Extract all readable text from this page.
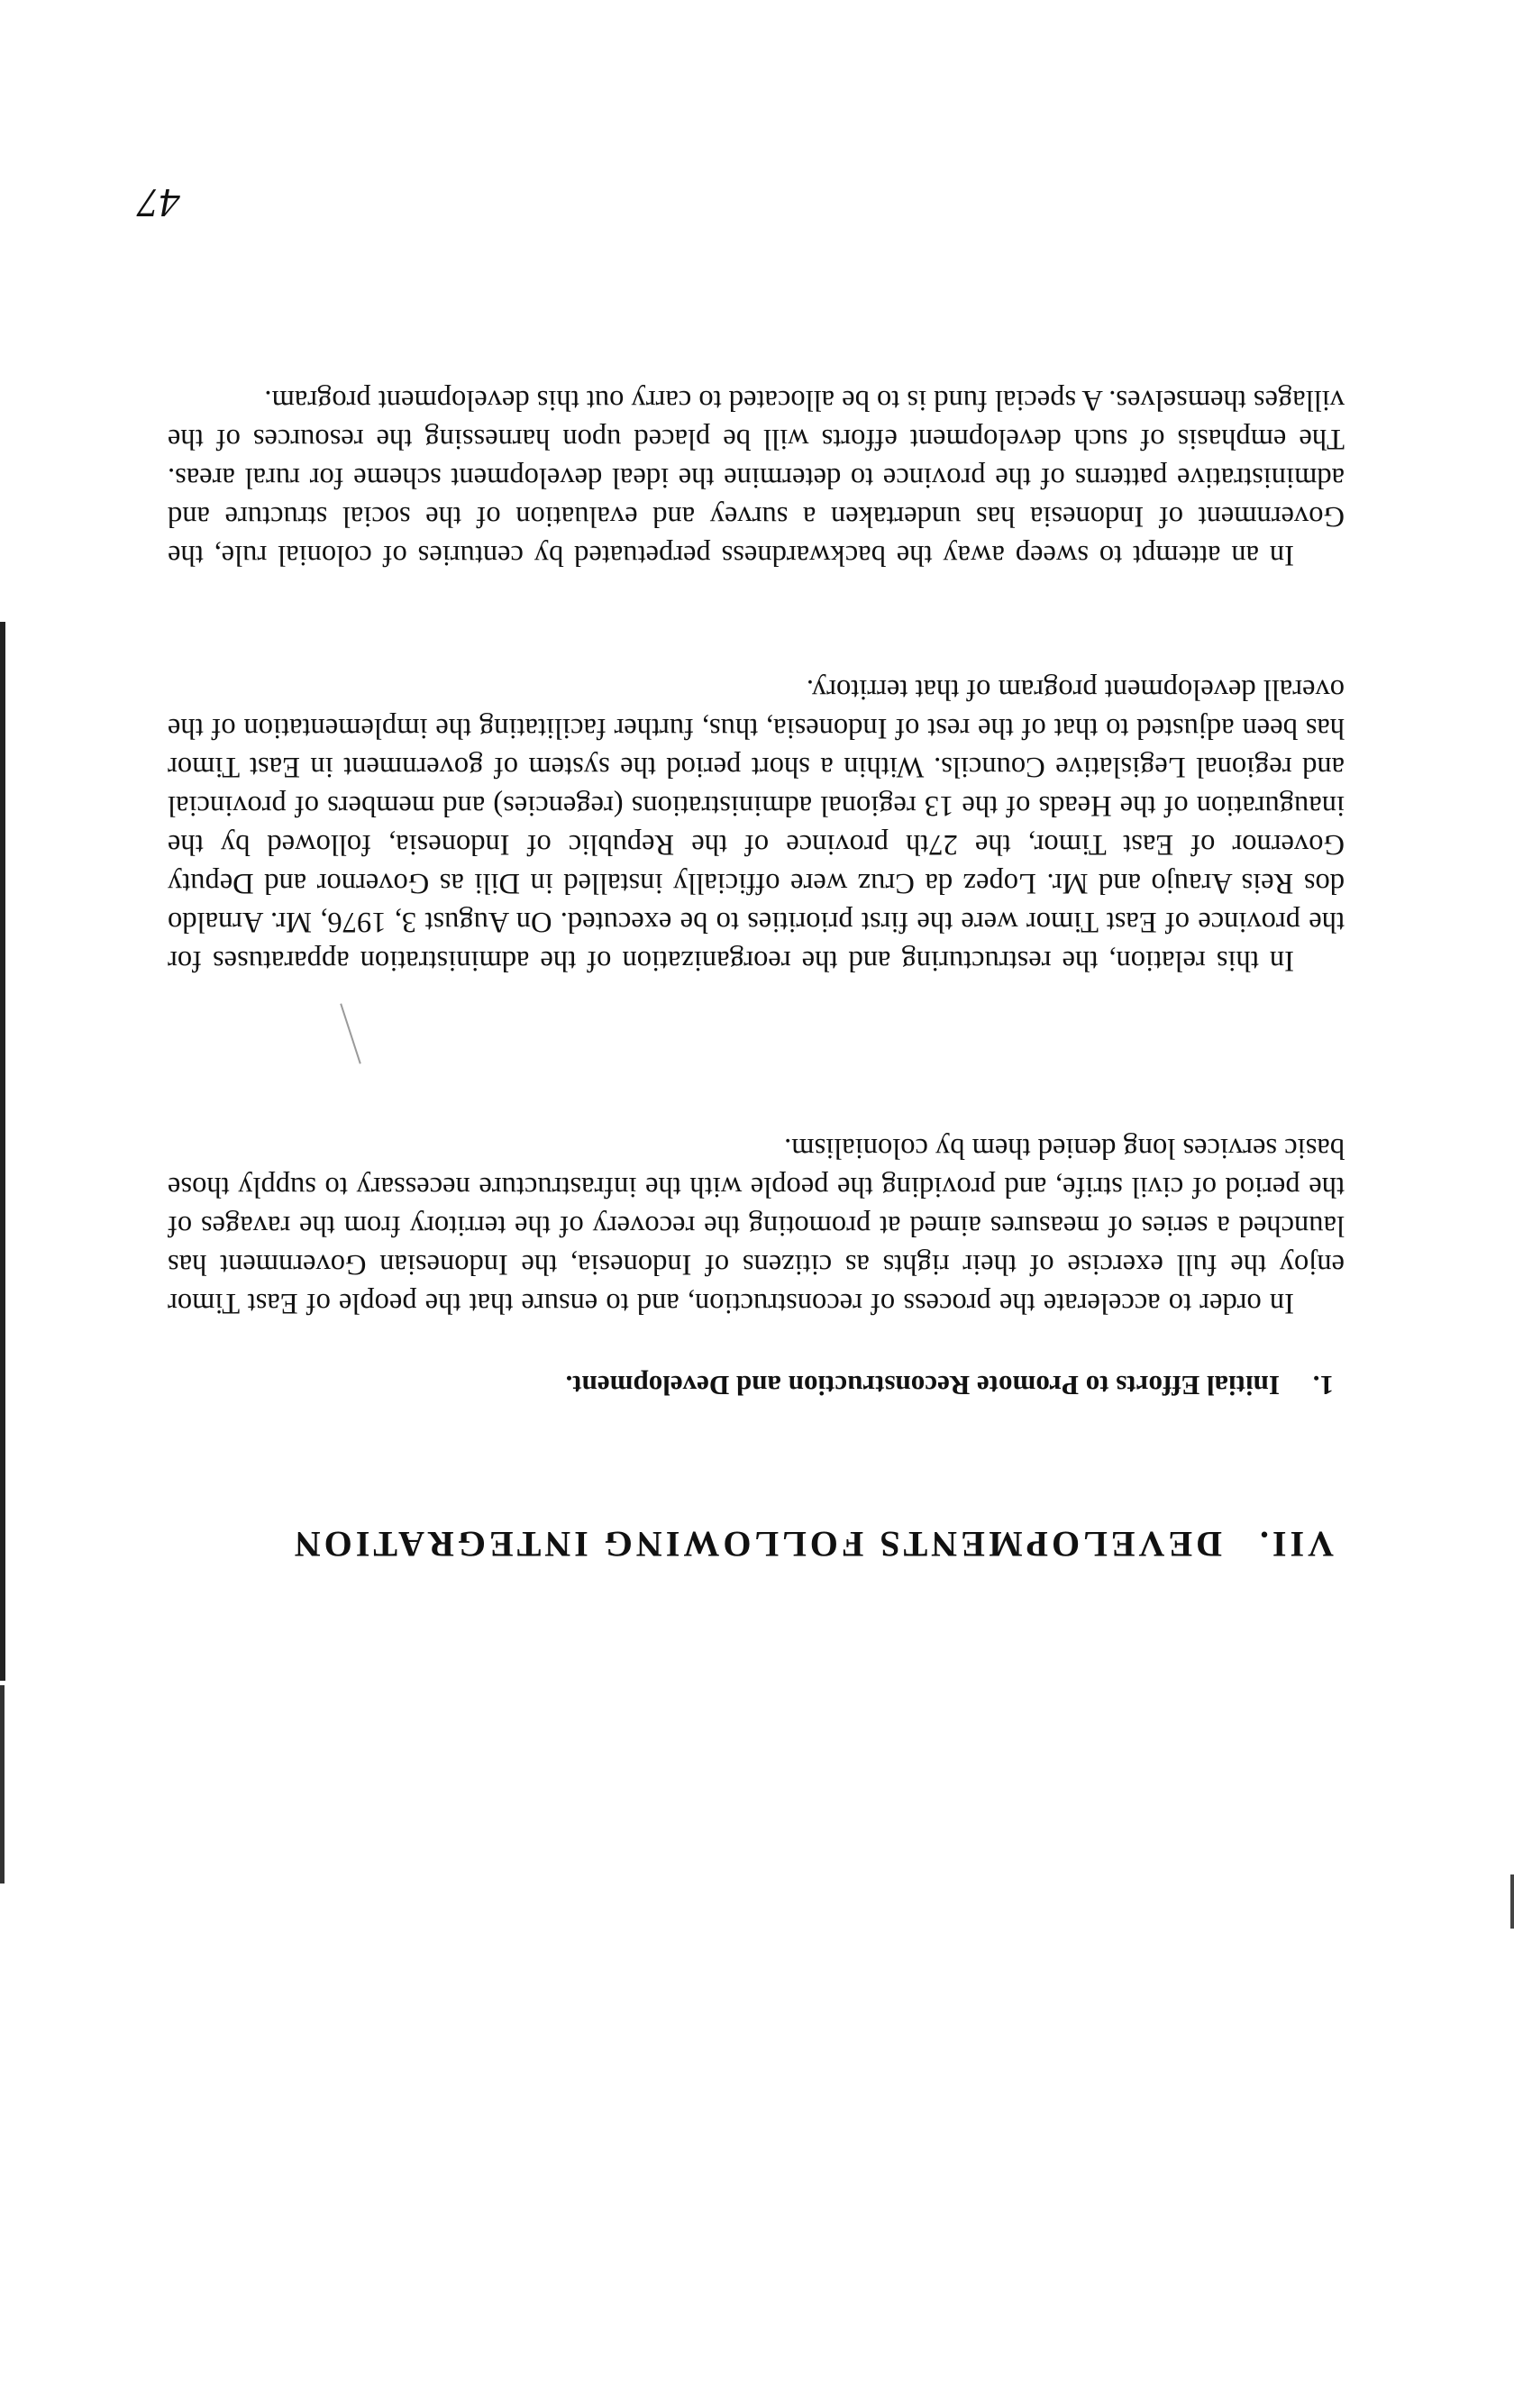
VII.DEVELOPMENTS FOLLOWING INTEGRATION
1.Initial Efforts to Promote Reconstruction and Development.

In order to accelerate the process of reconstruction, and to ensure that the people of East Timor enjoy the full exercise of their rights as citizens of Indonesia, the Indonesian Government has launched a series of measures aimed at promoting the recovery of the territory from the ravages of the period of civil strife, and providing the people with the infrastructure necessary to supply those basic services long denied them by colonialism.

In this relation, the restructuring and the reorganization of the administration apparatuses for the province of East Timor were the first priorities to be executed. On August 3, 1976, Mr. Arnaldo dos Reis Araujo and Mr. Lopez da Cruz were officially installed in Dili as Governor and Deputy Governor of East Timor, the 27th province of the Republic of Indonesia, followed by the inauguration of the Heads of the 13 regional administrations (regencies) and members of provincial and regional Legislative Councils. Within a short period the system of government in East Timor has been adjusted to that of the rest of Indonesia, thus, further facilitating the implementation of the overall development program of that territory.

In an attempt to sweep away the backwardness perpetuated by centuries of colonial rule, the Government of Indonesia has undertaken a survey and evaluation of the social structure and administrative patterns of the province to determine the ideal development scheme for rural areas. The emphasis of such development efforts will be placed upon harnessing the resources of the villages themselves. A special fund is to be allocated to carry out this development program.

47
